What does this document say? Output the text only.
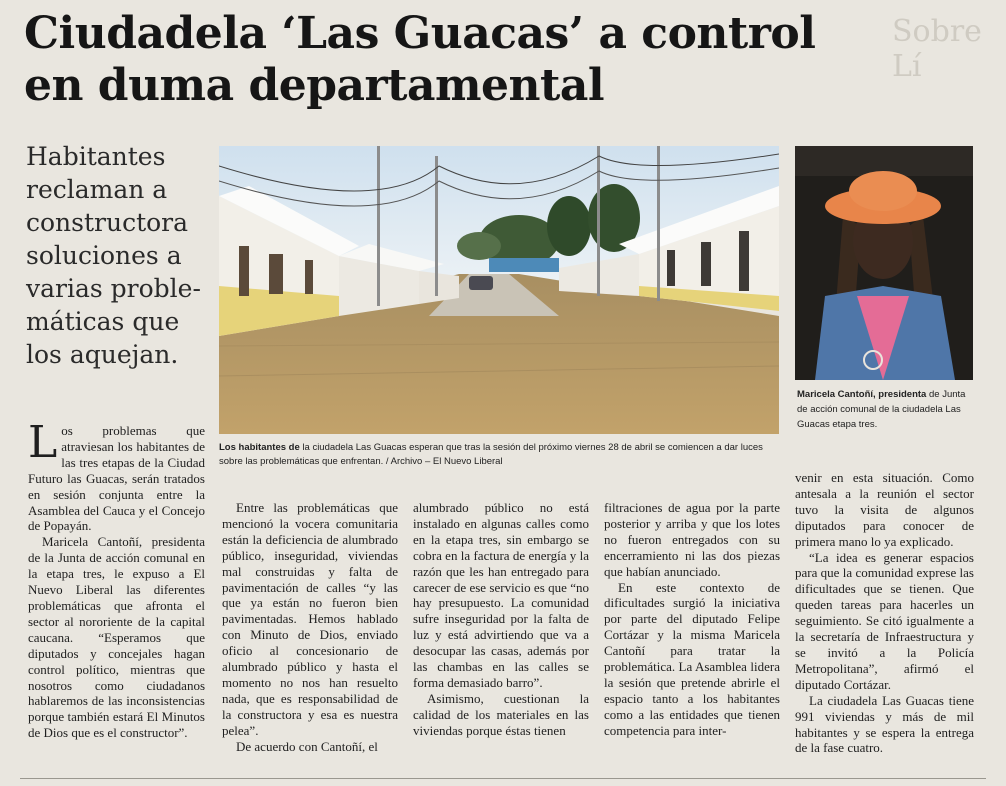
Sobre Lí
Ciudadela ‘Las Guacas’ a control
en duma departamental
Habitantes reclaman a constructora soluciones a varias proble-máticas que los aquejan.
Los habitantes de la ciudadela Las Guacas esperan que tras la sesión del próximo viernes 28 de abril se comiencen a dar luces sobre las problemáticas que enfrentan. / Archivo – El Nuevo Liberal
Maricela Cantoñí, presidenta de Junta de acción comunal de la ciudadela Las Guacas etapa tres.

Los problemas que atraviesan los habitantes de las tres etapas de la Ciudad Futuro las Guacas, serán tratados en sesión conjunta entre la Asamblea del Cauca y el Concejo de Popayán.

Maricela Cantoñí, presidenta de la Junta de acción comunal en la etapa tres, le expuso a El Nuevo Liberal las diferentes problemáticas que afronta el sector al nororiente de la capital caucana. “Esperamos que diputados y concejales hagan control político, mientras que nosotros como ciudadanos hablaremos de las inconsistencias porque también estará El Minutos de Dios que es el constructor”.

Entre las problemáticas que mencionó la vocera comunitaria están la deficiencia de alumbrado público, inseguridad, viviendas mal construidas y falta de pavimentación de calles “y las que ya están no fueron bien pavimentadas. Hemos hablado con Minuto de Dios, enviado oficio al concesionario de alumbrado público y hasta el momento no nos han resuelto nada, que es responsabilidad de la constructora y esa es nuestra pelea”.

De acuerdo con Cantoñí, el

alumbrado público no está instalado en algunas calles como en la etapa tres, sin embargo se cobra en la factura de energía y la razón que les han entregado para carecer de ese servicio es que “no hay presupuesto. La comunidad sufre inseguridad por la falta de luz y está advirtiendo que va a desocupar las casas, además por las chambas en las calles se forma demasiado barro”.

Asimismo, cuestionan la calidad de los materiales en las viviendas porque éstas tienen

filtraciones de agua por la parte posterior y arriba y que los lotes no fueron entregados con su encerramiento ni las dos piezas que habían anunciado.

En este contexto de dificultades surgió la iniciativa por parte del diputado Felipe Cortázar y la misma Maricela Cantoñí para tratar la problemática. La Asamblea lidera la sesión que pretende abrirle el espacio tanto a los habitantes como a las entidades que tienen competencia para inter-

venir en esta situación. Como antesala a la reunión el sector tuvo la visita de algunos diputados para conocer de primera mano lo ya explicado.

“La idea es generar espacios para que la comunidad exprese las dificultades que se tienen. Que queden tareas para hacerles un seguimiento. Se citó igualmente a la secretaría de Infraestructura y se invitó a la Policía Metropolitana”, afirmó el diputado Cortázar.

La ciudadela Las Guacas tiene 991 viviendas y más de mil habitantes y se espera la entrega de la fase cuatro.
